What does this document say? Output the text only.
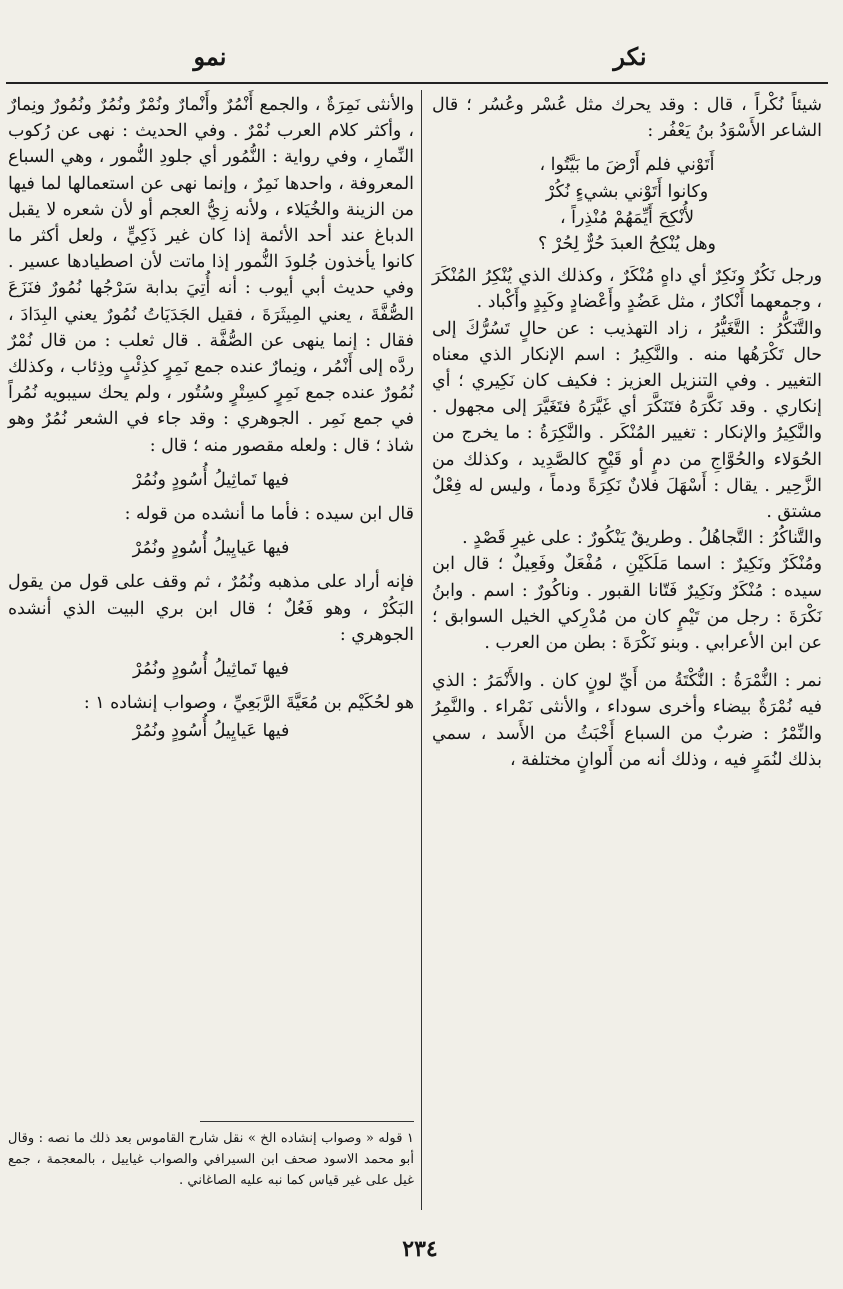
نكر
نمو

شيئاً نُكْراً ، قال : وقد يحرك مثل عُسْر وعُسُر ؛ قال الشاعر الأَسْوَدُ بنُ يَعْفُر :

أَتَوْني فلم أَرْضَ ما بَيَّتُوا ،

وكانوا أَتَوْني بشيءٍ نُكُرْ

لأُنْكِحَ أَيِّمَهُمْ مُنْذِراً ،

وهل يُنْكِحُ العبدَ حُرٌّ لِحُرْ ؟

ورجل نَكُرٌ ونَكِرٌ أي داهٍ مُنْكَرٌ ، وكذلك الذي يُنْكِرُ المُنْكَرَ ، وجمعهما أَنْكارٌ ، مثل عَضُدٍ وأَعْضادٍ وكَبِدٍ وأَكْباد .

والتَّنَكُّرُ : التَّغَيُّرُ ، زاد التهذيب : عن حالٍ تَسُرُّكَ إلى حال تَكْرَهُها منه . والنَّكِيرُ : اسم الإنكار الذي معناه التغيير . وفي التنزيل العزيز : فكيف كان نَكِيري ؛ أي إنكاري . وقد نَكَّرَهُ فتَنَكَّرَ أي غَيَّرَهُ فتَغَيَّرَ إلى مجهول . والنَّكِيرُ والإنكار : تغيير المُنْكَر . والنَّكِرَةُ : ما يخرج من الحُوَلاء والحُوَّاجِ من دمٍ أو قَيْحٍ كالصَّدِيد ، وكذلك من الزَّحِير . يقال : أَسْهَلَ فلانٌ نَكِرَةً ودماً ، وليس له فِعْلٌ مشتق .

والتَّناكُرُ : التَّجاهُلُ . وطريقٌ يَنْكُورٌ : على غيرِ قَصْدٍ .

ومُنْكَرٌ ونَكِيرٌ : اسما مَلَكَيْنِ ، مُفْعَلٌ وفَعِيلٌ ؛ قال ابن سيده : مُنْكَرٌ ونَكِيرٌ فَتّانا القبور . وناكُورٌ : اسم . وابنُ نَكْرَةَ : رجل من تَيْمٍ كان من مُدْرِكي الخيل السوابق ؛ عن ابن الأعرابي . وبنو نَكْرَةَ : بطن من العرب .

نمر : النُّمْرَةُ : النُّكْتَةُ من أَيِّ لونٍ كان . والأَنْمَرُ : الذي فيه نُمْرَةٌ بيضاء وأخرى سوداء ، والأنثى نَمْراء . والنَّمِرُ والنِّمْرُ : ضربٌ من السباع أَخْبَثُ من الأَسد ، سمي بذلك لنُمَرٍ فيه ، وذلك أنه من أَلوانٍ مختلفة ،

والأنثى نَمِرَةٌ ، والجمع أَنْمُرٌ وأَنْمارٌ ونُمْرٌ ونُمُرٌ ونُمُورٌ ونِمارٌ ، وأكثر كلام العرب نُمْرٌ . وفي الحديث : نهى عن رُكوب النِّمارِ ، وفي رواية : النُّمُور أي جلودِ النُّمور ، وهي السباع المعروفة ، واحدها نَمِرٌ ، وإنما نهى عن استعمالها لما فيها من الزينة والخُيَلاء ، ولأنه زِيُّ العجم أو لأن شعره لا يقبل الدباغ عند أحد الأئمة إذا كان غير ذَكِيٍّ ، ولعل أكثر ما كانوا يأخذون جُلودَ النُّمور إذا ماتت لأن اصطيادها عسير . وفي حديث أبي أيوب : أنه أُتِيَ بدابة سَرْجُها نُمُورٌ فنَزَعَ الصُّفَّةَ ، يعني المِيثَرَةَ ، فقيل الجَدَيَاتُ نُمُورٌ يعني البِدَادَ ، فقال : إنما ينهى عن الصُّفَّة . قال ثعلب : من قال نُمْرٌ ردَّه إلى أَنْمُر ، ونِمارٌ عنده جمع نَمِرٍ كذِئْبٍ وذِئاب ، وكذلك نُمُورٌ عنده جمع نَمِرٍ كسِتْرٍ وسُتُور ، ولم يحك سيبويه نُمُراً في جمع نَمِر . الجوهري : وقد جاء في الشعر نُمُرٌ وهو شاذ ؛ قال : ولعله مقصور منه ؛ قال :

فيها تَماثِيلُ أُسُودٍ ونُمُرْ

قال ابن سيده : فأما ما أنشده من قوله :

فيها عَيايِيلُ أُسُودٍ ونُمُرْ

فإنه أراد على مذهبه ونُمُرٌ ، ثم وقف على قول من يقول البَكُرْ ، وهو فَعُلٌ ؛ قال ابن بري البيت الذي أنشده الجوهري :

فيها تَماثِيلُ أُسُودٍ ونُمُرْ

هو لحُكَيْم بن مُعَيَّةَ الرَّبَعِيِّ ، وصواب إنشاده ١ :

فيها عَيايِيلُ أُسُودٍ ونُمُرْ

١ قوله « وصواب إنشاده الخ » نقل شارح القاموس بعد ذلك ما نصه : وقال أبو محمد الاسود صحف ابن السيرافي والصواب غياييل ، بالمعجمة ، جمع غيل على غير قياس كما نبه عليه الصاغاني .
٢٣٤
